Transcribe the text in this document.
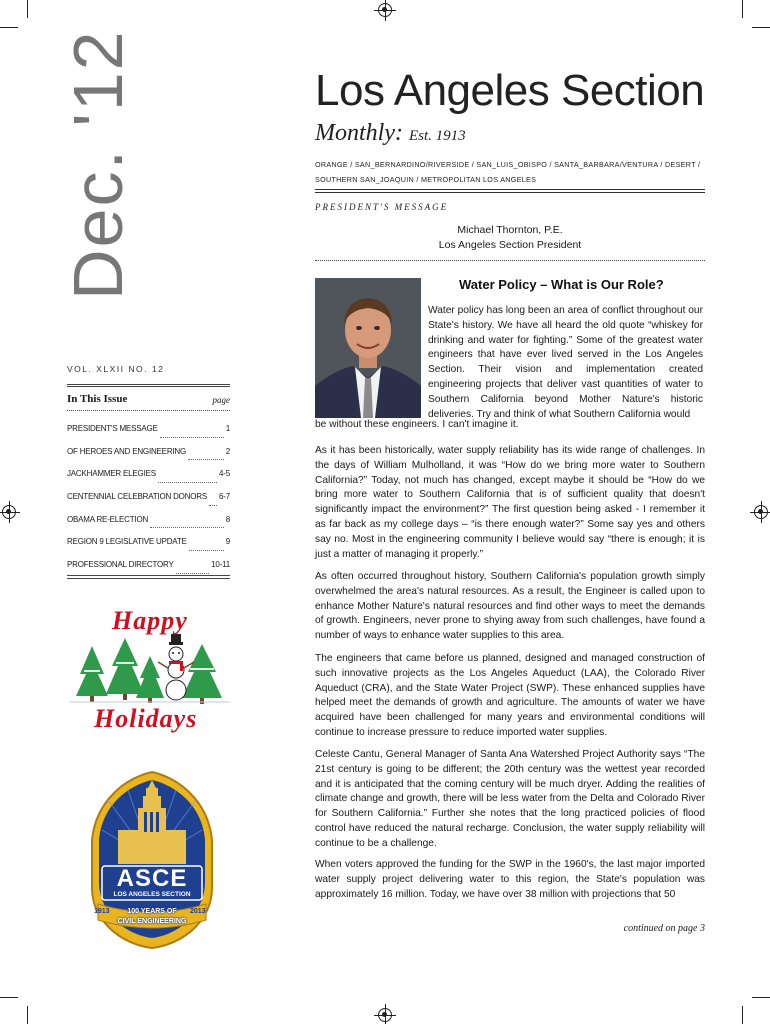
Dec. '12	Los Angeles Section
Monthly: Est. 1913
ORANGE / SAN_BERNARDINO/RIVERSIDE / SAN_LUIS_OBISPO / SANTA_BARBARA/VENTURA / DESERT /
SOUTHERN SAN_JOAQUIN / METROPOLITAN LOS ANGELES
PRESIDENT'S MESSAGE
Michael Thornton, P.E.
Los Angeles Section President
VOL. XLXII NO. 12
In This Issue	page
PRESIDENT'S MESSAGE	1
OF HEROES AND ENGINEERING	2
JACKHAMMER ELEGIES	4-5
CENTENNIAL CELEBRATION DONORS 6-7
OBAMA RE-ELECTION	8
REGION 9 LEGISLATIVE UPDATE	9
PROFESSIONAL DIRECTORY	10-11
Happy
Holidays
ASCE
LOS ANGELES SECTION
1913	2013
100 YEARS OF
CIVIL ENGINEERING
Water Policy – What is Our Role?

Water policy has long been an area of conflict throughout our State's history. We have all heard the old quote “whiskey for drinking and water for fighting.” Some of the greatest water engineers that have ever lived served in the Los Angeles Section. Their vision and implementation created engineering projects that deliver vast quantities of water to Southern California beyond Mother Nature's historic deliveries. Try and think of what Southern California would

be without these engineers. I can't imagine it.

As it has been historically, water supply reliability has its wide range of challenges. In the days of William Mulholland, it was “How do we bring more water to Southern California?” Today, not much has changed, except maybe it should be “How do we bring more water to Southern California that is of sufficient quality that doesn't significantly impact the environment?” The first question being asked - I remember it as far back as my college days – “is there enough water?” Some say yes and others say no. Most in the engineering community I believe would say “there is enough; it is just a matter of managing it properly.”

As often occurred throughout history, Southern California's population growth simply overwhelmed the area's natural resources. As a result, the Engineer is called upon to enhance Mother Nature's natural resources and find other ways to meet the demands of growth. Engineers, never prone to shying away from such challenges, have found a number of ways to enhance water supplies to this area.

The engineers that came before us planned, designed and managed construction of such innovative projects as the Los Angeles Aqueduct (LAA), the Colorado River Aqueduct (CRA), and the State Water Project (SWP). These enhanced supplies have helped meet the demands of growth and agriculture. The amounts of water we have acquired have been challenged for many years and environmental conditions will continue to increase pressure to reduce imported water supplies.

Celeste Cantu, General Manager of Santa Ana Watershed Project Authority says “The 21st century is going to be different; the 20th century was the wettest year recorded and it is anticipated that the coming century will be much dryer. Adding the realities of climate change and growth, there will be less water from the Delta and Colorado River for Southern California.” Further she notes that the long practiced policies of flood control have reduced the natural recharge. Conclusion, the water supply reliability will continue to be a challenge.

When voters approved the funding for the SWP in the 1960's, the last major imported water supply project delivering water to this region, the State's population was approximately 16 million. Today, we have over 38 million with projections that 50

continued on page 3
